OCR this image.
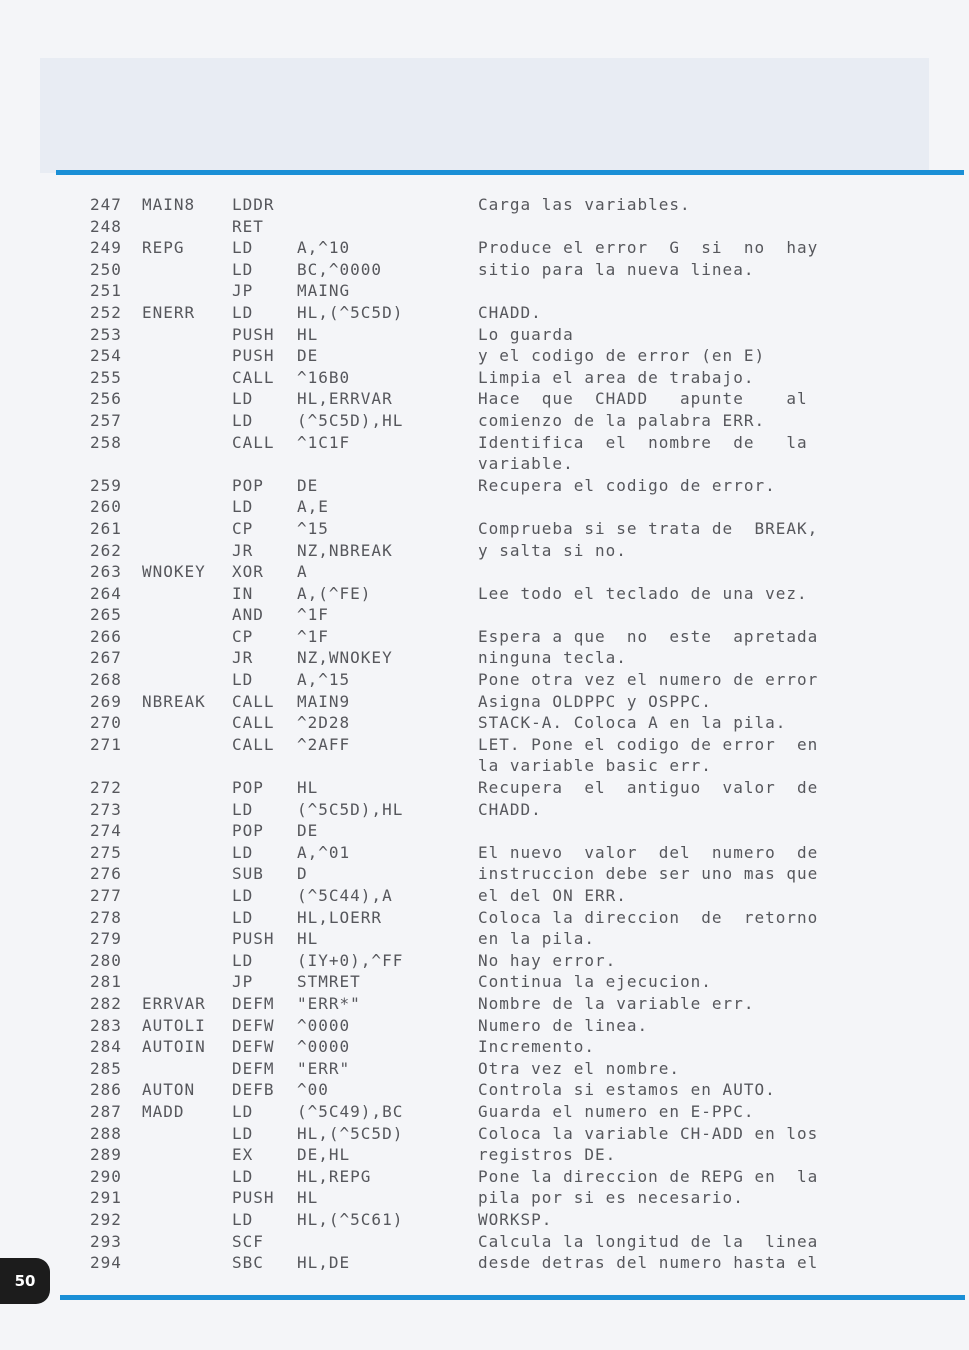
247 MAIN8 LDDR	Carga las variables.
248	RET
249 REPG	LD	A,^10	Produce el error  G  si  no  hay
250	LD	BC,^0000	sitio para la nueva linea.
251	JP	MAING
252 ENERR LD	HL,(^5C5D)	CHADD.
253	PUSH HL	Lo guarda
254	PUSH DE	y el codigo de error (en E)
255	CALL ^16B0	Limpia el area de trabajo.
256	LD	HL,ERRVAR	Hace  que  CHADD   apunte    al
257	LD	(^5C5D),HL	comienzo de la palabra ERR.
258	CALL ^1C1F	Identifica  el  nombre  de   la
variable.
259	POP DE	Recupera el codigo de error.
260	LD	A,E
261	CP	^15	Comprueba si se trata de  BREAK,
262	JR	NZ,NBREAK	y salta si no.
263 WNOKEY XOR A
264	IN	A,(^FE)	Lee todo el teclado de una vez.
265	AND ^1F
266	CP	^1F	Espera a que  no  este  apretada
267	JR	NZ,WNOKEY	ninguna tecla.
268	LD	A,^15	Pone otra vez el numero de error
269 NBREAK CALL MAIN9	Asigna OLDPPC y OSPPC.
270	CALL ^2D28	STACK-A. Coloca A en la pila.
271	CALL ^2AFF	LET. Pone el codigo de error  en
la variable basic err.
272	POP HL	Recupera  el  antiguo  valor  de
273	LD	(^5C5D),HL	CHADD.
274	POP DE
275	LD	A,^01	El nuevo  valor  del  numero  de
276	SUB D	instruccion debe ser uno mas que
277	LD	(^5C44),A	el del ON ERR.
278	LD	HL,LOERR	Coloca la direccion  de  retorno
279	PUSH HL	en la pila.
280	LD	(IY+0),^FF	No hay error.
281	JP	STMRET	Continua la ejecucion.
282 ERRVAR DEFM "ERR*"	Nombre de la variable err.
283 AUTOLI DEFW ^0000	Numero de linea.
284 AUTOIN DEFW ^0000	Incremento.
285	DEFM "ERR"	Otra vez el nombre.
286 AUTON DEFB ^00	Controla si estamos en AUTO.
287 MADD	LD	(^5C49),BC	Guarda el numero en E-PPC.
288	LD	HL,(^5C5D)	Coloca la variable CH-ADD en los
289	EX	DE,HL	registros DE.
290	LD	HL,REPG	Pone la direccion de REPG en  la
291	PUSH HL	pila por si es necesario.
292	LD	HL,(^5C61)	WORKSP.
293	SCF	Calcula la longitud de la  linea
294	SBC HL,DE	desde detras del numero hasta el
50
